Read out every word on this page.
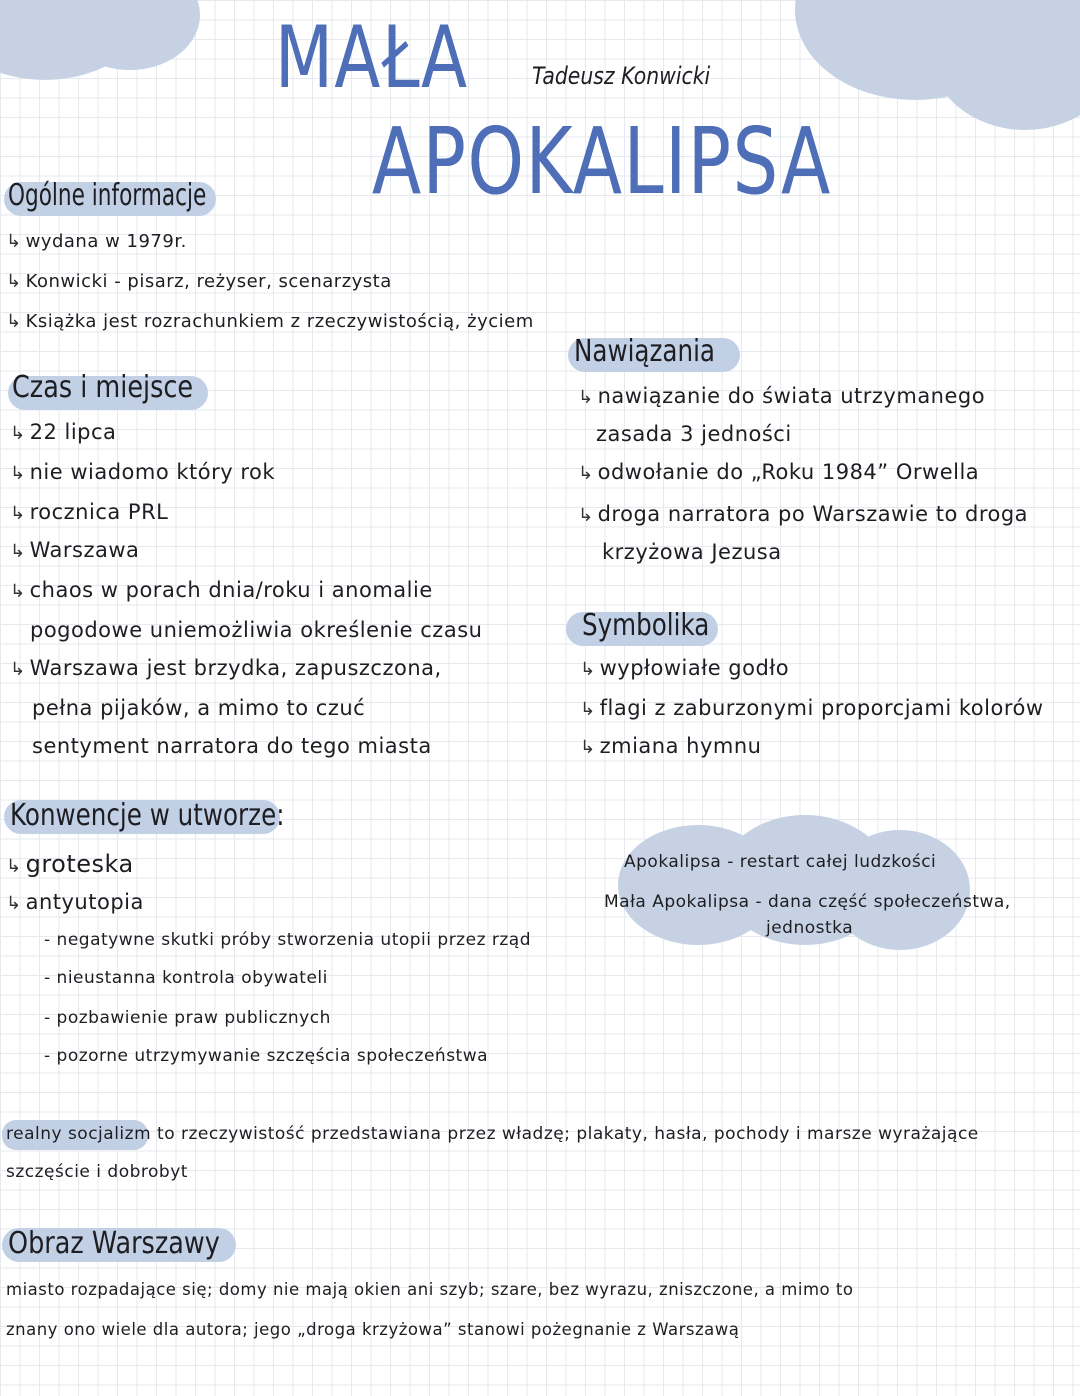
MAŁA
APOKALIPSA
Tadeusz Konwicki
Ogólne informacje
↳ wydana w 1979r.
↳ Konwicki - pisarz, reżyser, scenarzysta
↳ Książka jest rozrachunkiem z rzeczywistością, życiem
Czas i miejsce
↳ 22 lipca
↳ nie wiadomo który rok
↳ rocznica PRL
↳ Warszawa
↳ chaos w porach dnia/roku i anomalie
pogodowe uniemożliwia określenie czasu
↳ Warszawa jest brzydka, zapuszczona,
pełna pijaków, a mimo to czuć
sentyment narratora do tego miasta
Nawiązania
↳ nawiązanie do świata utrzymanego
zasada 3 jedności
↳ odwołanie do „Roku 1984” Orwella
↳ droga narratora po Warszawie to droga
krzyżowa Jezusa
Symbolika
↳ wypłowiałe godło
↳ flagi z zaburzonymi proporcjami kolorów
↳ zmiana hymnu
Apokalipsa - restart całej ludzkości
Mała Apokalipsa - dana część społeczeństwa,
jednostka
Konwencje w utworze:
↳ groteska
↳ antyutopia
- negatywne skutki próby stworzenia utopii przez rząd
- nieustanna kontrola obywateli
- pozbawienie praw publicznych
- pozorne utrzymywanie szczęścia społeczeństwa
realny socjalizm to rzeczywistość przedstawiana przez władzę; plakaty, hasła, pochody i marsze wyrażające
szczęście i dobrobyt
Obraz Warszawy
miasto rozpadające się; domy nie mają okien ani szyb; szare, bez wyrazu, zniszczone, a mimo to
znany ono wiele dla autora; jego „droga krzyżowa” stanowi pożegnanie z Warszawą
